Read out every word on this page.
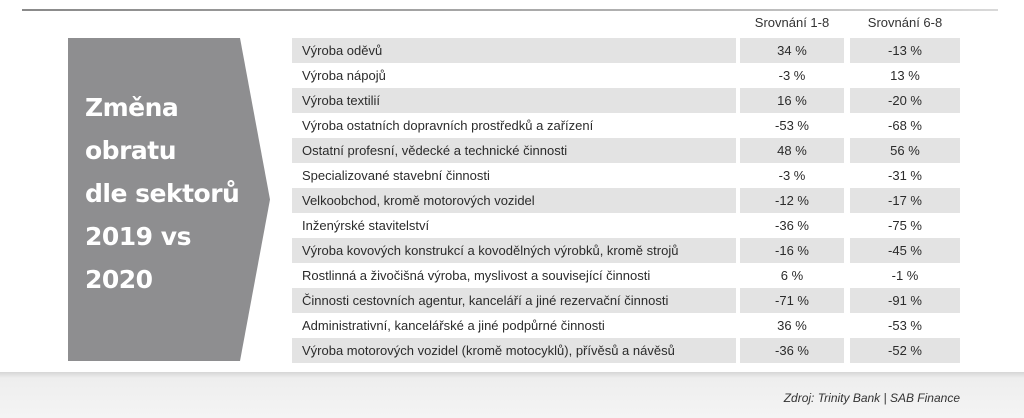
Změna
obratu
dle sektorů
2019 vs
2020
Srovnání 1-8	Srovnání 6-8
Výroba oděvů	34 %	-13 %
Výroba nápojů	-3 %	13 %
Výroba textilií	16 %	-20 %
Výroba ostatních dopravních prostředků a zařízení	-53 %	-68 %
Ostatní profesní, vědecké a technické činnosti	48 %	56 %
Specializované stavební činnosti	-3 %	-31 %
Velkoobchod, kromě motorových vozidel	-12 %	-17 %
Inženýrské stavitelství	-36 %	-75 %
Výroba kovových konstrukcí a kovodělných výrobků, kromě strojů	-16 %	-45 %
Rostlinná a živočišná výroba, myslivost a související činnosti	6 %	-1 %
Činnosti cestovních agentur, kanceláří a jiné rezervační činnosti	-71 %	-91 %
Administrativní, kancelářské a jiné podpůrné činnosti	36 %	-53 %
Výroba motorových vozidel (kromě motocyklů), přívěsů a návěsů	-36 %	-52 %
Zdroj: Trinity Bank | SAB Finance
